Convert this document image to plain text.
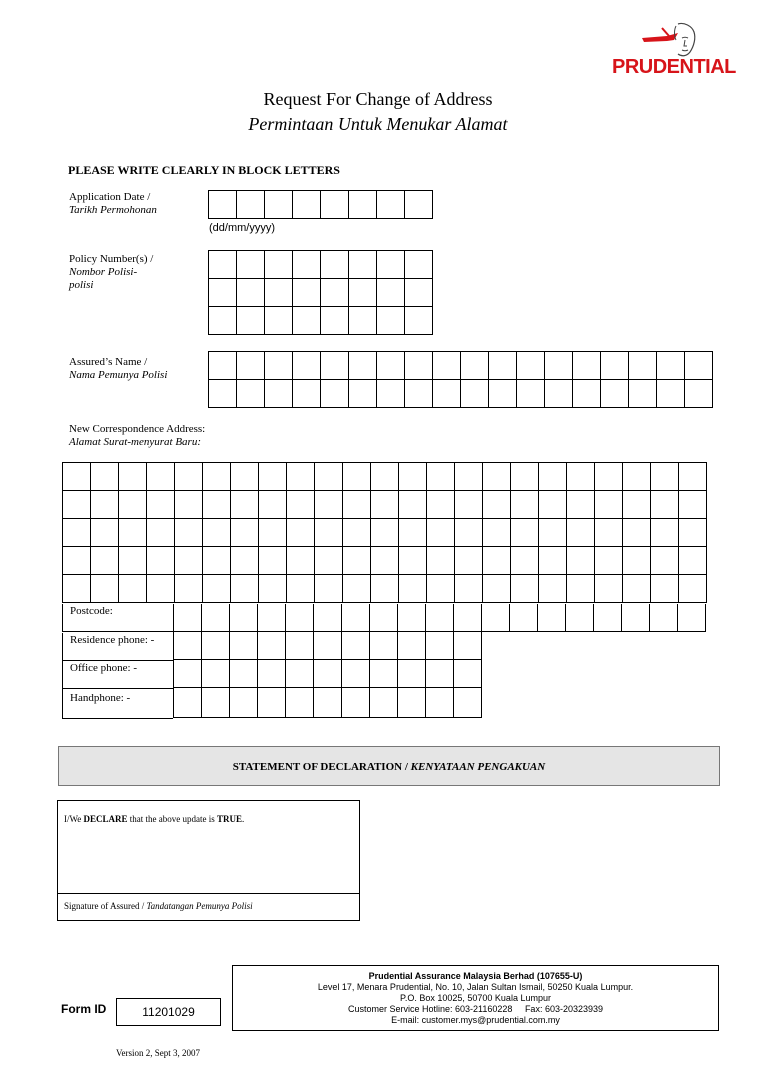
PRUDENTIAL
Request For Change of Address
Permintaan Untuk Menukar Alamat
PLEASE WRITE CLEARLY IN BLOCK LETTERS
Application Date /
Tarikh Permohonan
(dd/mm/yyyy)
Policy Number(s) /
Nombor Polisi-
polisi
Assured’s Name /
Nama Pemunya Polisi
New Correspondence Address:
Alamat Surat-menyurat Baru:
Postcode:
Residence phone: -
Office phone: -
Handphone: -
STATEMENT OF DECLARATION / KENYATAAN PENGAKUAN
I/We DECLARE that the above update is TRUE.
Signature of Assured / Tandatangan Pemunya Polisi
Form ID	11201029
Version 2, Sept 3, 2007
Prudential Assurance Malaysia Berhad (107655-U)
Level 17, Menara Prudential, No. 10, Jalan Sultan Ismail, 50250 Kuala Lumpur.
P.O. Box 10025, 50700 Kuala Lumpur
Customer Service Hotline: 603-21160228 Fax: 603-20323939
E-mail: customer.mys@prudential.com.my
